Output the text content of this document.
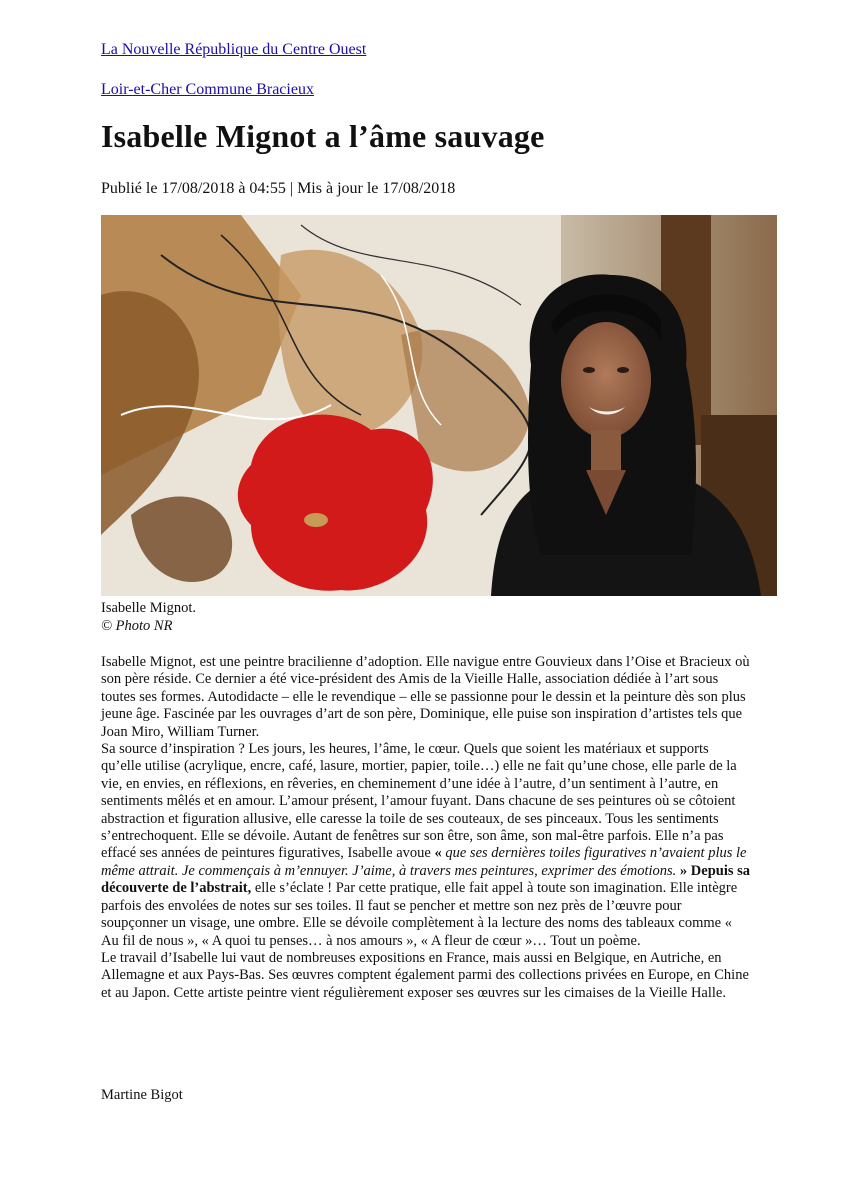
La Nouvelle République du Centre Ouest
Loir-et-Cher Commune Bracieux
Isabelle Mignot a l’âme sauvage
Publié le 17/08/2018 à 04:55 | Mis à jour le 17/08/2018
Isabelle Mignot.
© Photo NR

Isabelle Mignot, est une peintre bracilienne d’adoption. Elle navigue entre Gouvieux dans l’Oise et Bracieux où son père réside. Ce dernier a été vice-président des Amis de la Vieille Halle, association dédiée à l’art sous toutes ses formes. Autodidacte – elle le revendique – elle se passionne pour le dessin et la peinture dès son plus jeune âge. Fascinée par les ouvrages d’art de son père, Dominique, elle puise son inspiration d’artistes tels que Joan Miro, William Turner.

Sa source d’inspiration ? Les jours, les heures, l’âme, le cœur. Quels que soient les matériaux et supports qu’elle utilise (acrylique, encre, café, lasure, mortier, papier, toile…) elle ne fait qu’une chose, elle parle de la vie, en envies, en réflexions, en rêveries, en cheminement d’une idée à l’autre, d’un sentiment à l’autre, en sentiments mêlés et en amour. L’amour présent, l’amour fuyant. Dans chacune de ses peintures où se côtoient abstraction et figuration allusive, elle caresse la toile de ses couteaux, de ses pinceaux. Tous les sentiments s’entrechoquent. Elle se dévoile. Autant de fenêtres sur son être, son âme, son mal-être parfois. Elle n’a pas effacé ses années de peintures figuratives, Isabelle avoue « que ses dernières toiles figuratives n’avaient plus le même attrait. Je commençais à m’ennuyer. J’aime, à travers mes peintures, exprimer des émotions. » Depuis sa découverte de l’abstrait, elle s’éclate ! Par cette pratique, elle fait appel à toute son imagination. Elle intègre parfois des envolées de notes sur ses toiles. Il faut se pencher et mettre son nez près de l’œuvre pour soupçonner un visage, une ombre. Elle se dévoile complètement à la lecture des noms des tableaux comme « Au fil de nous », « A quoi tu penses… à nos amours », « A fleur de cœur »… Tout un poème.

Le travail d’Isabelle lui vaut de nombreuses expositions en France, mais aussi en Belgique, en Autriche, en Allemagne et aux Pays-Bas. Ses œuvres comptent également parmi des collections privées en Europe, en Chine et au Japon. Cette artiste peintre vient régulièrement exposer ses œuvres sur les cimaises de la Vieille Halle.

Martine Bigot
